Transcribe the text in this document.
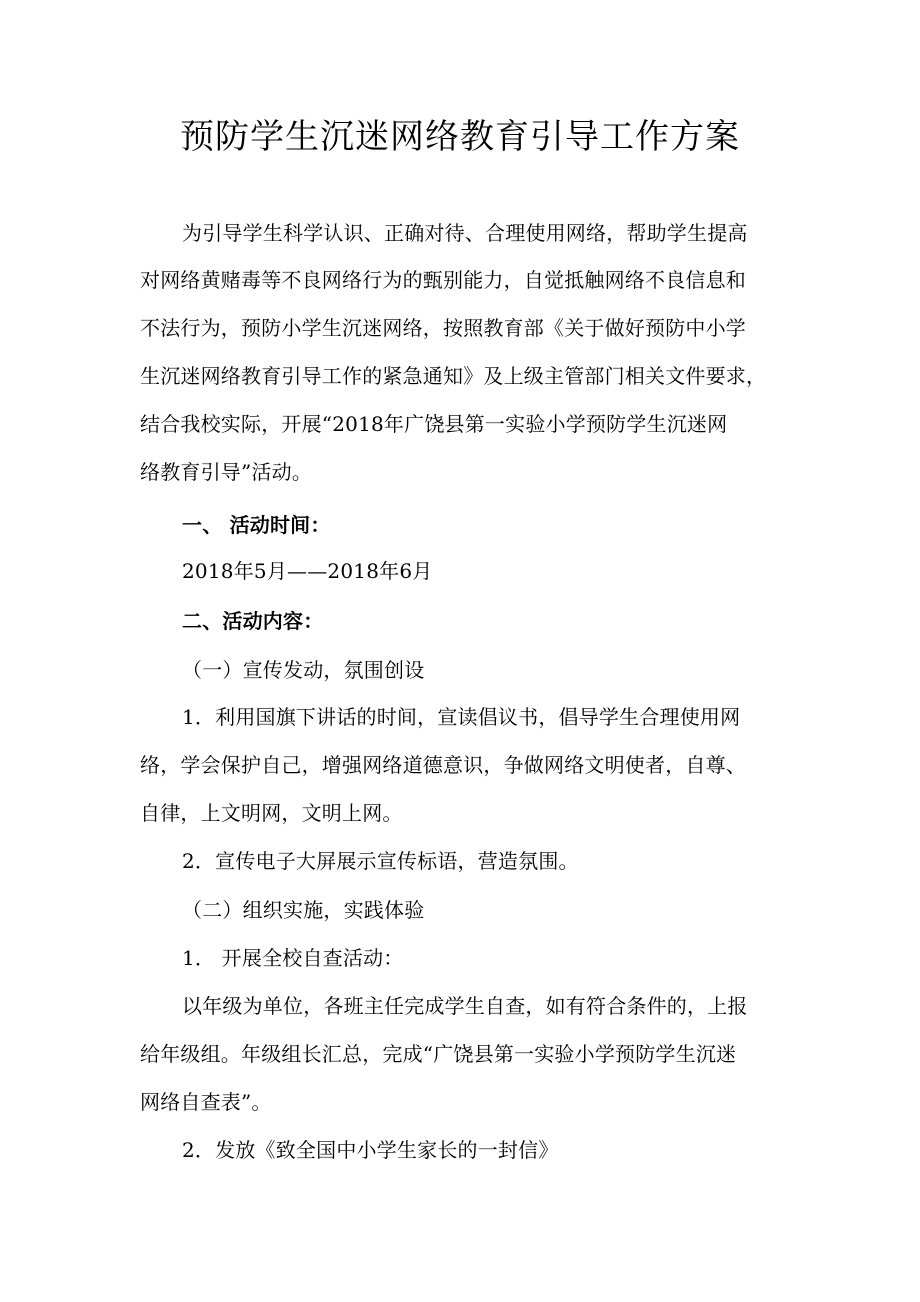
预防学生沉迷网络教育引导工作方案
为引导学生科学认识、正确对待、合理使用网络，帮助学生提高
对网络黄赌毒等不良网络行为的甄别能力，自觉抵触网络不良信息和
不法行为，预防小学生沉迷网络，按照教育部《关于做好预防中小学
生沉迷网络教育引导工作的紧急通知》及上级主管部门相关文件要求，
结合我校实际，开展“2018年广饶县第一实验小学预防学生沉迷网
络教育引导”活动。
一、 活动时间：
2018年5月——2018年6月
二、活动内容：
（一）宣传发动，氛围创设
1．利用国旗下讲话的时间，宣读倡议书，倡导学生合理使用网
络，学会保护自己，增强网络道德意识，争做网络文明使者，自尊、
自律，上文明网，文明上网。
2．宣传电子大屏展示宣传标语，营造氛围。
（二）组织实施，实践体验
1． 开展全校自查活动：
以年级为单位，各班主任完成学生自查，如有符合条件的，上报
给年级组。年级组长汇总，完成“广饶县第一实验小学预防学生沉迷
网络自查表”。
2．发放《致全国中小学生家长的一封信》
